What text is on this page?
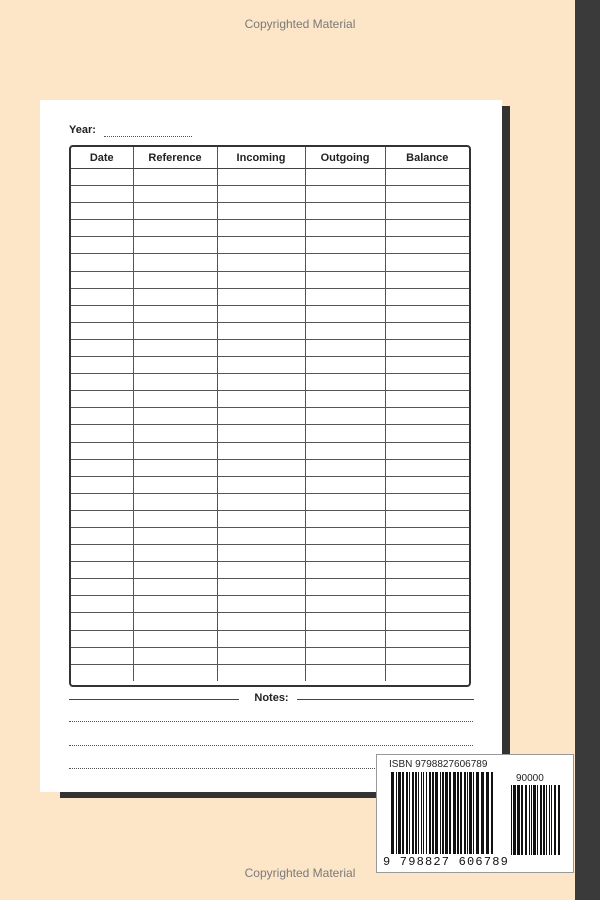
Copyrighted Material
Year:
Date	Reference	Incoming	Outgoing	Balance

Notes:
ISBN 9798827606789
90000
9 798827 606789
Copyrighted Material
